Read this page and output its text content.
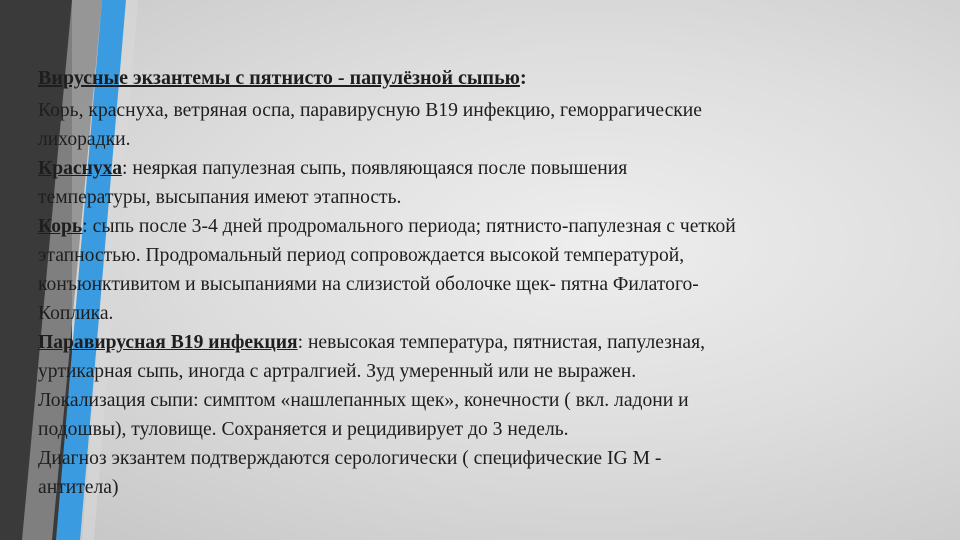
Вирусные экзантемы с пятнисто - папулёзной сыпью:
Корь, краснуха, ветряная оспа, паравирусную В19 инфекцию, геморрагические
лихорадки.
Краснуха: неяркая папулезная сыпь, появляющаяся после повышения
температуры, высыпания имеют этапность.
Корь: сыпь после 3-4 дней продромального периода; пятнисто-папулезная с четкой
этапностью. Продромальный период сопровождается высокой температурой,
конъюнктивитом и высыпаниями на слизистой оболочке щек- пятна Филатого-
Коплика.
Паравирусная В19 инфекция: невысокая температура, пятнистая, папулезная,
уртикарная сыпь, иногда с артралгией. Зуд умеренный или не выражен.
Локализация сыпи: симптом «нашлепанных щек», конечности ( вкл. ладони и
подошвы), туловище. Сохраняется и рецидивирует до 3 недель.
Диагноз экзантем подтверждаются серологически ( специфические IG M -
антитела)
